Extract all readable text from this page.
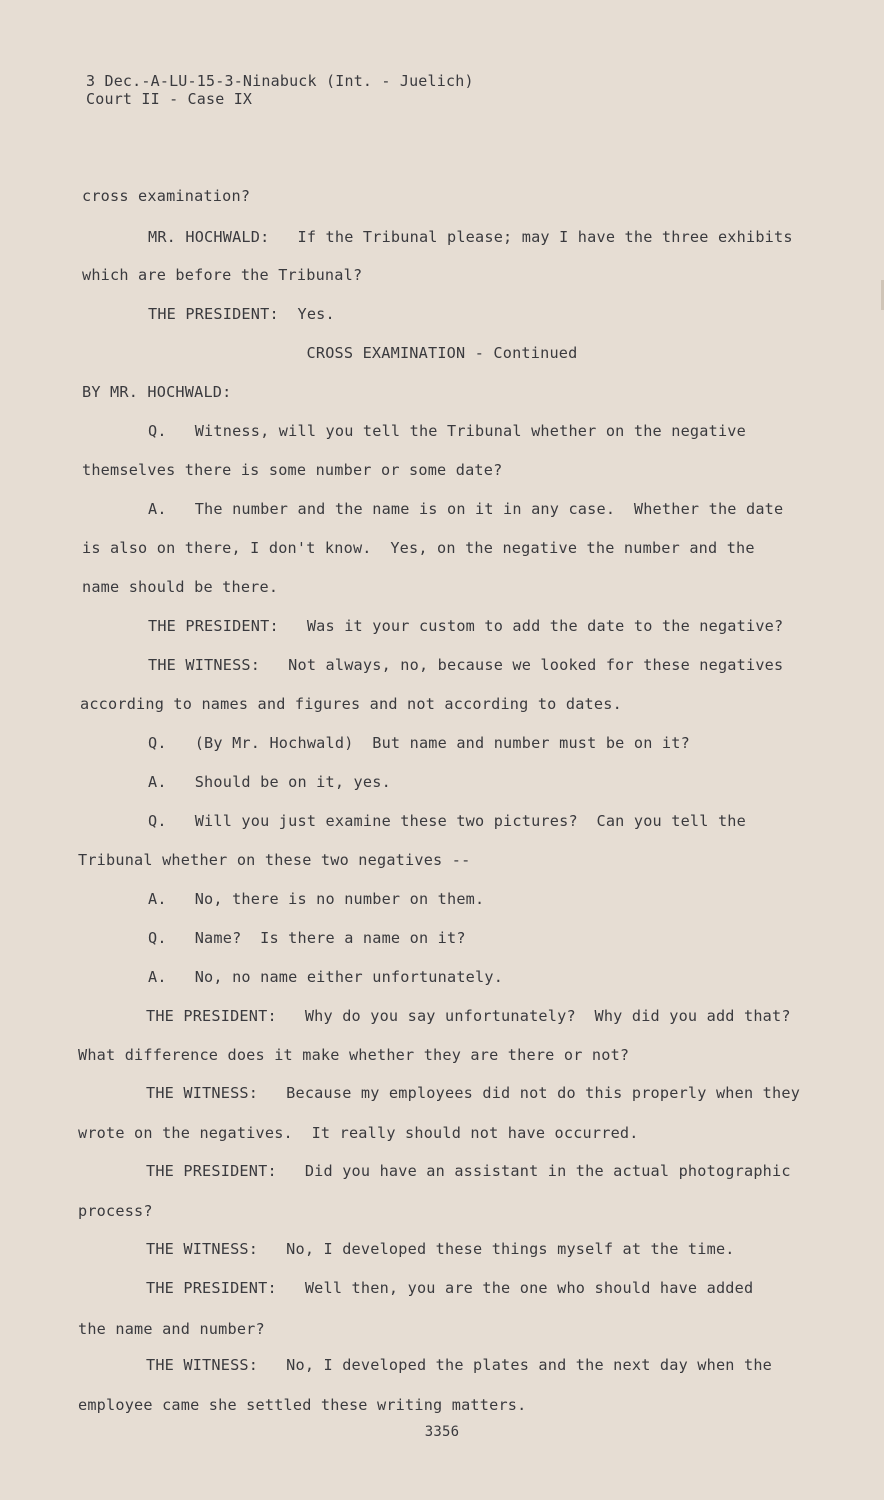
3 Dec.-A-LU-15-3-Ninabuck (Int. - Juelich)
Court II - Case IX
cross examination?
MR. HOCHWALD:   If the Tribunal please; may I have the three exhibits
which are before the Tribunal?
THE PRESIDENT:  Yes.
CROSS EXAMINATION - Continued
BY MR. HOCHWALD:
Q.   Witness, will you tell the Tribunal whether on the negative
themselves there is some number or some date?
A.   The number and the name is on it in any case.  Whether the date
is also on there, I don't know.  Yes, on the negative the number and the
name should be there.
THE PRESIDENT:   Was it your custom to add the date to the negative?
THE WITNESS:   Not always, no, because we looked for these negatives
according to names and figures and not according to dates.
Q.   (By Mr. Hochwald)  But name and number must be on it?
A.   Should be on it, yes.
Q.   Will you just examine these two pictures?  Can you tell the
Tribunal whether on these two negatives --
A.   No, there is no number on them.
Q.   Name?  Is there a name on it?
A.   No, no name either unfortunately.
THE PRESIDENT:   Why do you say unfortunately?  Why did you add that?
What difference does it make whether they are there or not?
THE WITNESS:   Because my employees did not do this properly when they
wrote on the negatives.  It really should not have occurred.
THE PRESIDENT:   Did you have an assistant in the actual photographic
process?
THE WITNESS:   No, I developed these things myself at the time.
THE PRESIDENT:   Well then, you are the one who should have added
the name and number?
THE WITNESS:   No, I developed the plates and the next day when the
employee came she settled these writing matters.
3356
